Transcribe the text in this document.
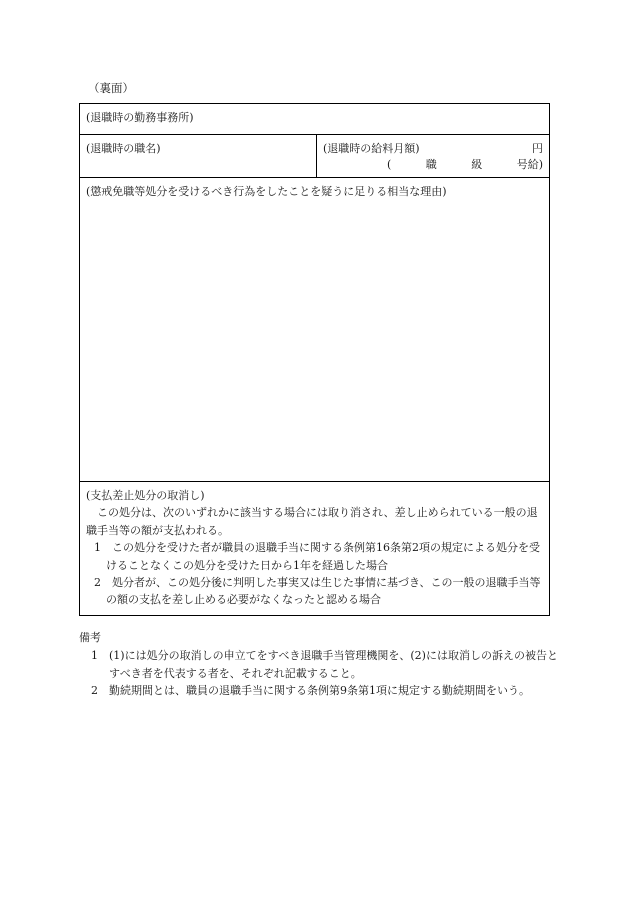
（裏面）
(退職時の勤務事務所)
(退職時の職名)	(退職時の給料月額)	円
(	職	級	号給)
(懲戒免職等処分を受けるべき行為をしたことを疑うに足りる相当な理由)
(支払差止処分の取消し)
この処分は、次のいずれかに該当する場合には取り消され、差し止められている一般の退職手当等の額が支払われる。
1　この処分を受けた者が職員の退職手当に関する条例第16条第2項の規定による処分を受けることなくこの処分を受けた日から1年を経過した場合
2　処分者が、この処分後に判明した事実又は生じた事情に基づき、この一般の退職手当等の額の支払を差し止める必要がなくなったと認める場合
備考
1　(1)には処分の取消しの申立てをすべき退職手当管理機関を、(2)には取消しの訴えの被告とすべき者を代表する者を、それぞれ記載すること。
2　勤続期間とは、職員の退職手当に関する条例第9条第1項に規定する勤続期間をいう。
